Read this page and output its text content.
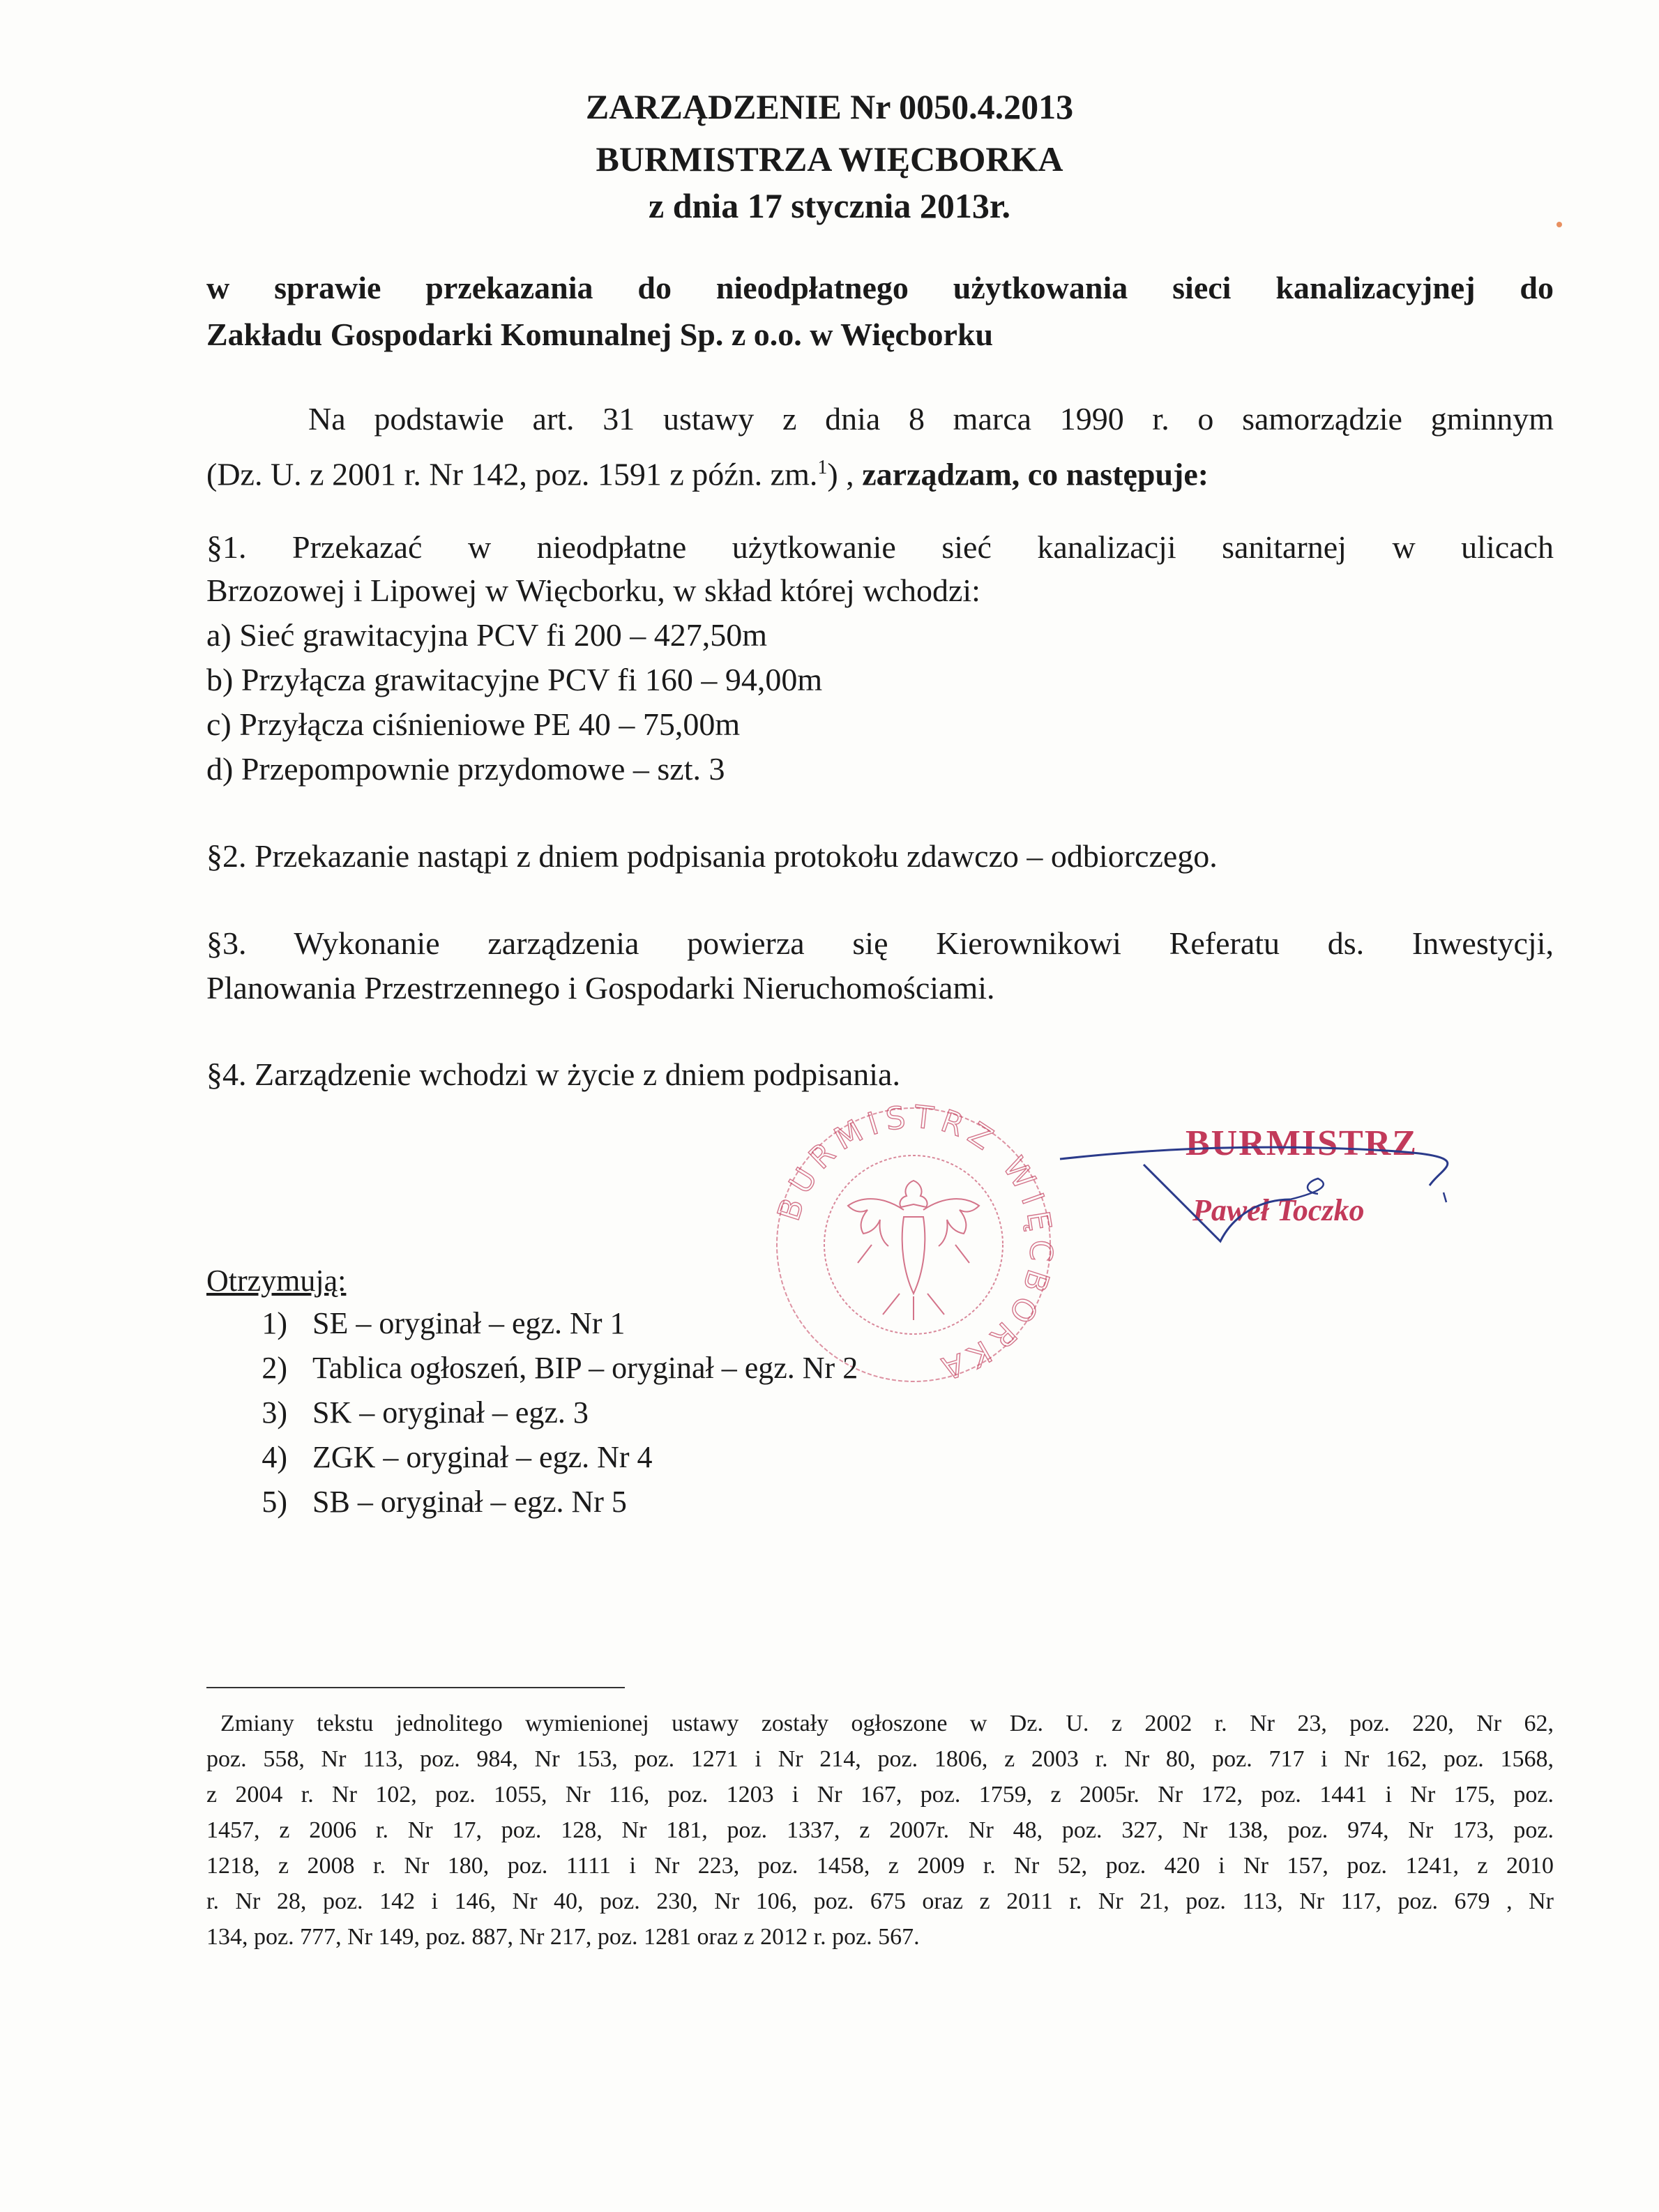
ZARZĄDZENIE Nr 0050.4.2013
BURMISTRZA WIĘCBORKA
z dnia 17 stycznia 2013r.
w sprawie przekazania do nieodpłatnego użytkowania sieci kanalizacyjnej do
Zakładu Gospodarki Komunalnej Sp. z o.o. w Więcborku
Na podstawie art. 31 ustawy z dnia 8 marca 1990 r. o samorządzie gminnym
(Dz. U. z 2001 r. Nr 142, poz. 1591 z późn. zm.$^1$) , zarządzam, co następuje:
§1. Przekazać w nieodpłatne użytkowanie sieć kanalizacji sanitarnej w ulicach
Brzozowej i Lipowej w Więcborku, w skład której wchodzi:
a) Sieć grawitacyjna PCV fi 200 – 427,50m
b) Przyłącza grawitacyjne PCV fi 160 – 94,00m
c) Przyłącza ciśnieniowe PE 40 – 75,00m
d) Przepompownie przydomowe – szt. 3
§2. Przekazanie nastąpi z dniem podpisania protokołu zdawczo – odbiorczego.
§3. Wykonanie zarządzenia powierza się Kierownikowi Referatu ds. Inwestycji,
Planowania Przestrzennego i Gospodarki Nieruchomościami.
§4. Zarządzenie wchodzi w życie z dniem podpisania.
BURMISTRZ WIĘCBORKA
BURMISTRZ
Paweł Toczko
Otrzymują:
1) SE – oryginał – egz. Nr 1
2) Tablica ogłoszeń, BIP – oryginał – egz. Nr 2
3) SK – oryginał – egz. 3
4) ZGK – oryginał – egz. Nr 4
5) SB – oryginał – egz. Nr 5
Zmiany tekstu jednolitego wymienionej ustawy zostały ogłoszone w Dz. U. z 2002 r. Nr 23, poz. 220, Nr 62,
poz. 558, Nr 113, poz. 984, Nr 153, poz. 1271 i Nr 214, poz. 1806, z 2003 r. Nr 80, poz. 717 i Nr 162, poz. 1568,
z 2004 r. Nr 102, poz. 1055, Nr 116, poz. 1203 i Nr 167, poz. 1759, z 2005r. Nr 172, poz. 1441 i Nr 175, poz.
1457, z 2006 r. Nr 17, poz. 128, Nr 181, poz. 1337, z 2007r. Nr 48, poz. 327, Nr 138, poz. 974, Nr 173, poz.
1218, z 2008 r. Nr 180, poz. 1111 i Nr 223, poz. 1458, z 2009 r. Nr 52, poz. 420 i Nr 157, poz. 1241, z 2010
r. Nr 28, poz. 142 i 146, Nr 40, poz. 230, Nr 106, poz. 675 oraz z 2011 r. Nr 21, poz. 113, Nr 117, poz. 679 , Nr
134, poz. 777, Nr 149, poz. 887, Nr 217, poz. 1281 oraz z 2012 r. poz. 567.
